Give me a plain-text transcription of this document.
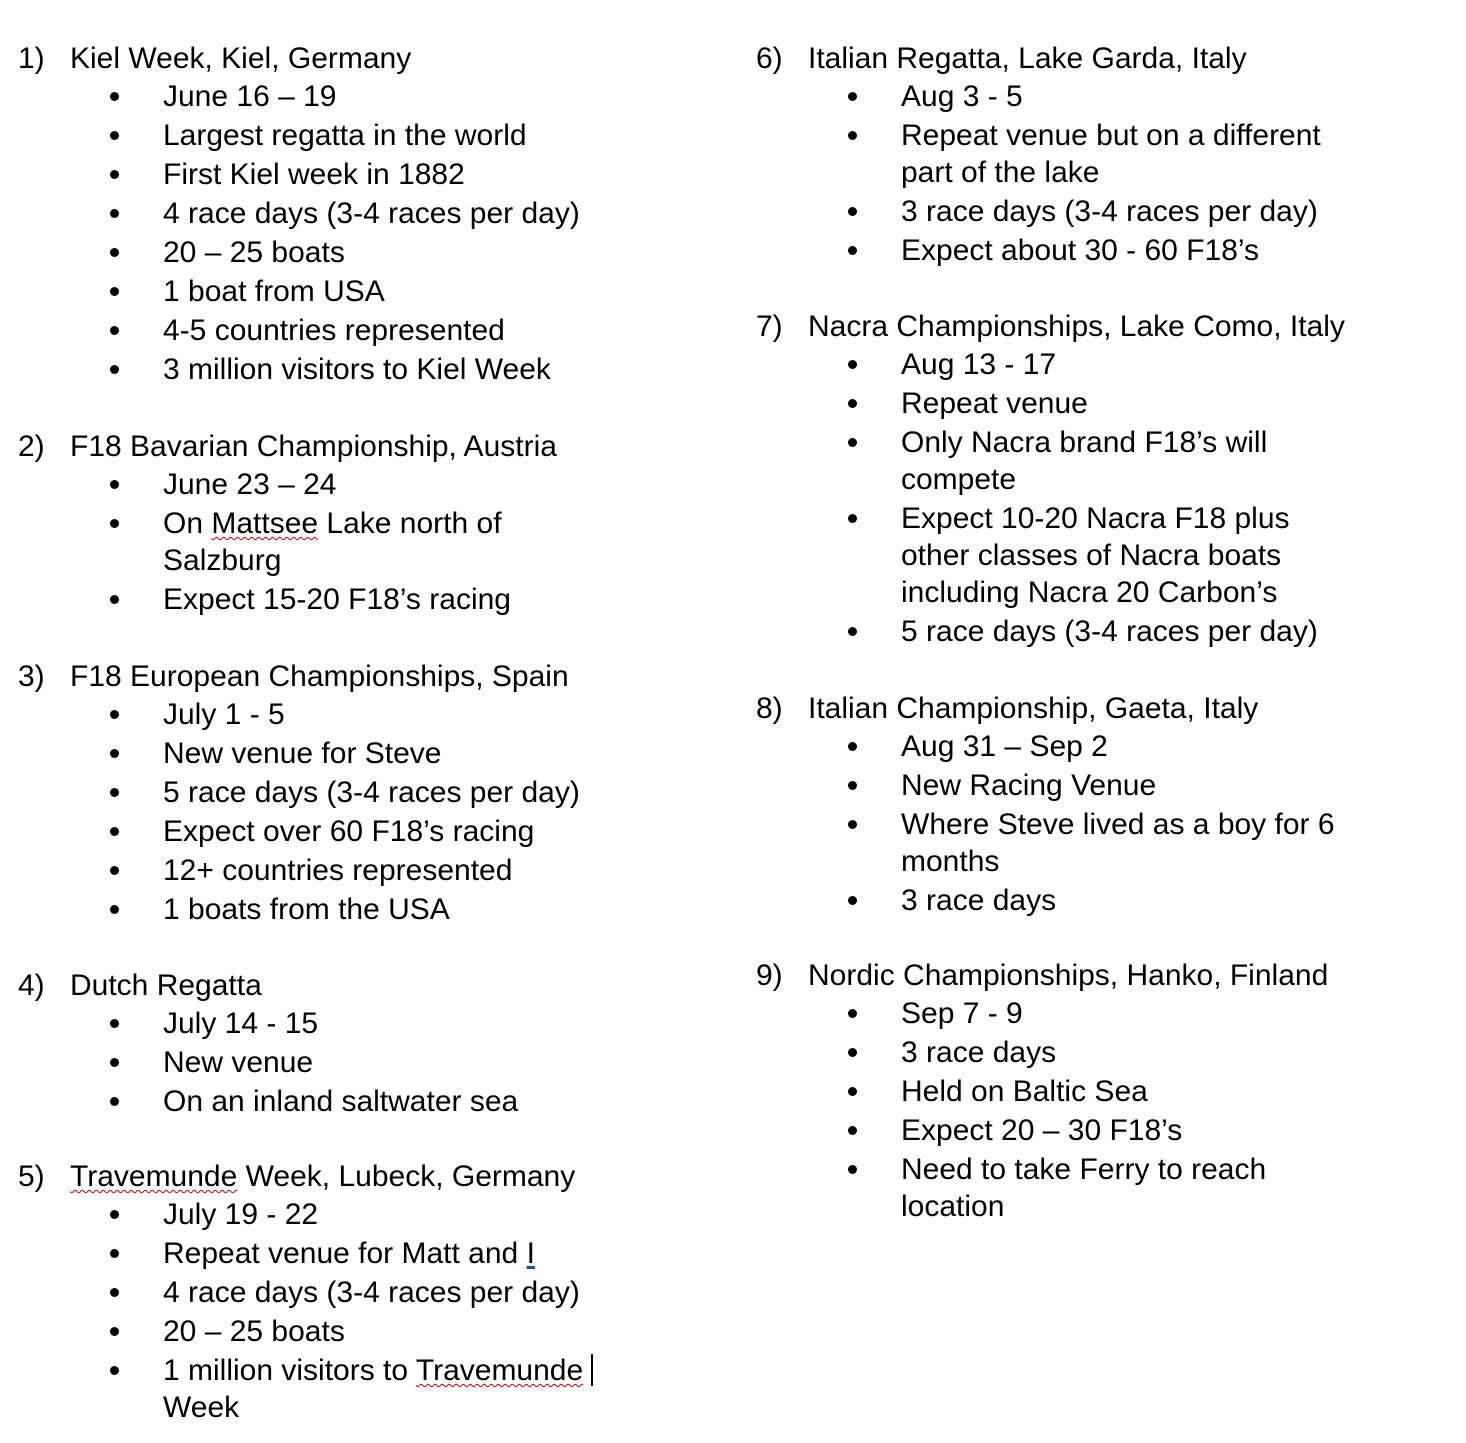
1) Kiel Week, Kiel, Germany
June 16 – 19
Largest regatta in the world
First Kiel week in 1882
4 race days (3-4 races per day)
20 – 25 boats
1 boat from USA
4-5 countries represented
3 million visitors to Kiel Week
2) F18 Bavarian Championship, Austria
June 23 – 24
On Mattsee Lake north of Salzburg
Expect 15-20 F18’s racing
3) F18 European Championships, Spain
July 1 - 5
New venue for Steve
5 race days (3-4 races per day)
Expect over 60 F18’s racing
12+ countries represented
1 boats from the USA
4) Dutch Regatta
July 14 - 15
New venue
On an inland saltwater sea
5) Travemunde Week, Lubeck, Germany
July 19 - 22
Repeat venue for Matt and I
4 race days (3-4 races per day)
20 – 25 boats
1 million visitors to Travemunde Week
6) Italian Regatta, Lake Garda, Italy
Aug 3 - 5
Repeat venue but on a different part of the lake
3 race days (3-4 races per day)
Expect about 30 - 60 F18’s
7) Nacra Championships, Lake Como, Italy
Aug 13 - 17
Repeat venue
Only Nacra brand F18’s will compete
Expect 10-20 Nacra F18 plus other classes of Nacra boats including Nacra 20 Carbon’s
5 race days (3-4 races per day)
8) Italian Championship, Gaeta, Italy
Aug 31 – Sep 2
New Racing Venue
Where Steve lived as a boy for 6 months
3 race days
9) Nordic Championships, Hanko, Finland
Sep 7 - 9
3 race days
Held on Baltic Sea
Expect 20 – 30 F18’s
Need to take Ferry to reach location
